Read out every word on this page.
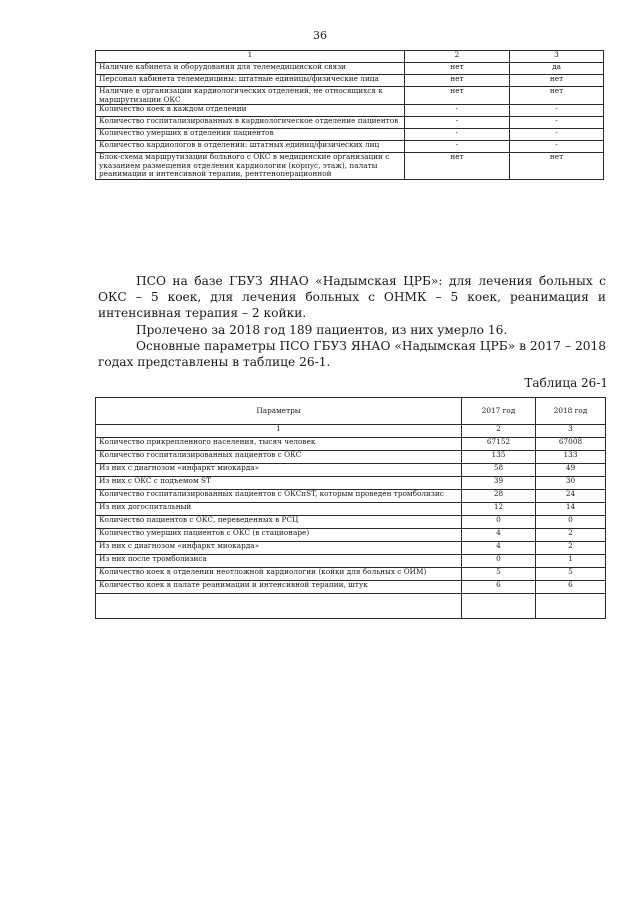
36
1	2	3
Наличие кабинета и оборудования для телемедицинской связи	нет	да
Персонал кабинета телемедицины: штатные единицы/физические лица	нет	нет
Наличие в организации кардиологических отделений, не относящихся к маршрутизации ОКС	нет	нет
Количество коек в каждом отделении	-	-
Количество госпитализированных в кардиологическое отделение пациентов	-	-
Количество умерших в отделении пациентов	-	-
Количество кардиологов в отделении: штатных единиц/физических лиц	-	-
Блок-схема маршрутизации больного с ОКС в медицинские организации с указанием размещения отделения кардиологии (корпус, этаж), палаты реанимации и интенсивной терапии, рентгеноперационной	нет	нет

ПСО на базе ГБУЗ ЯНАО «Надымская ЦРБ»: для лечения больных с ОКС – 5 коек, для лечения больных с ОНМК – 5 коек, реанимация и интенсивная терапия – 2 койки.

Пролечено за 2018 год 189 пациентов, из них умерло 16.

Основные параметры ПСО ГБУЗ ЯНАО «Надымская ЦРБ» в 2017 – 2018 годах представлены в таблице 26-1.

Таблица 26-1
Параметры	2017 год	2018 год
1	2	3
Количество прикрепленного населения, тысяч человек	67152	67008
Количество госпитализированных пациентов с ОКС	135	133
Из них с диагнозом «инфаркт миокарда»	58	49
Из них с ОКС с подъемом ST	39	30
Количество госпитализированных пациентов с ОКСпST, которым проведен тромболизис	28	24
Из них догоспитальный	12	14
Количество пациентов с ОКС, переведенных в РСЦ	0	0
Количество умерших пациентов с ОКС (в стационаре)	4	2
Из них с диагнозом «инфаркт миокарда»	4	2
Из них после тромболизиса	0	1
Количество коек в отделении неотложной кардиологии (койки для больных с ОИМ)	5	5
Количество коек в палате реанимации и интенсивной терапии, штук	6	6
